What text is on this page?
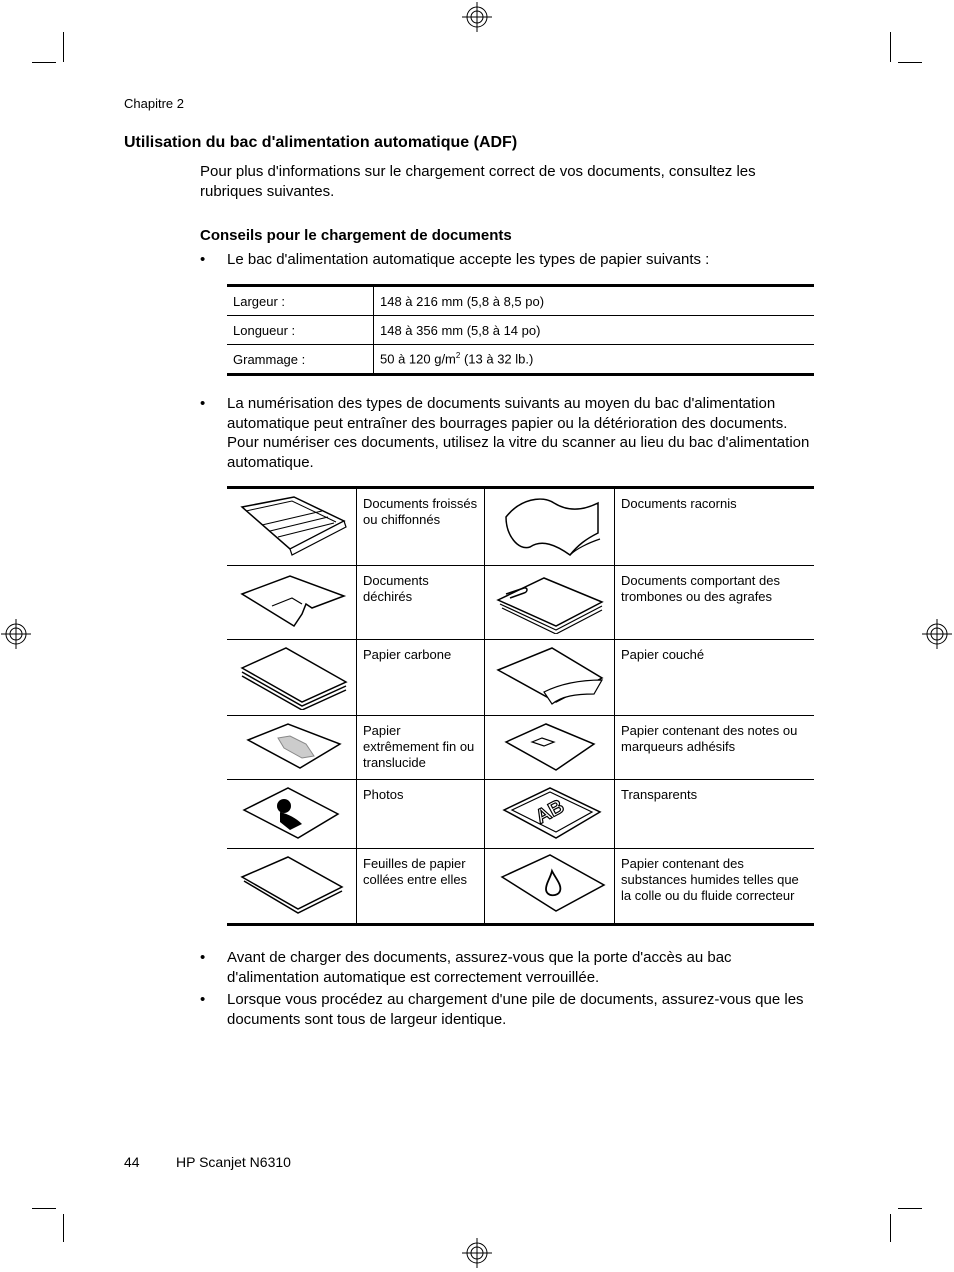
Chapitre 2
Utilisation du bac d'alimentation automatique (ADF)
Pour plus d'informations sur le chargement correct de vos documents, consultez les rubriques suivantes.
Conseils pour le chargement de documents
• Le bac d'alimentation automatique accepte les types de papier suivants :
Largeur :	148 à 216 mm (5,8 à 8,5 po)
Longueur :	148 à 356 mm (5,8 à 14 po)
Grammage :	50 à 120 $g/m^2$ (13 à 32 lb.)
• La numérisation des types de documents suivants au moyen du bac d'alimentation automatique peut entraîner des bourrages papier ou la détérioration des documents. Pour numériser ces documents, utilisez la vitre du scanner au lieu du bac d'alimentation automatique.
	Documents froissés ou chiffonnés		Documents racornis

	Documents déchirés		Documents comportant des trombones ou des agrafes

	Papier carbone		Papier couché

	Papier extrêmement fin ou translucide		Papier contenant des notes ou marqueurs adhésifs

	Photos	AB	Transparents

	Feuilles de papier collées entre elles		Papier contenant des substances humides telles que la colle ou du fluide correcteur
• Avant de charger des documents, assurez-vous que la porte d'accès au bac d'alimentation automatique est correctement verrouillée.
• Lorsque vous procédez au chargement d'une pile de documents, assurez-vous que les documents sont tous de largeur identique.
44	HP Scanjet N6310
